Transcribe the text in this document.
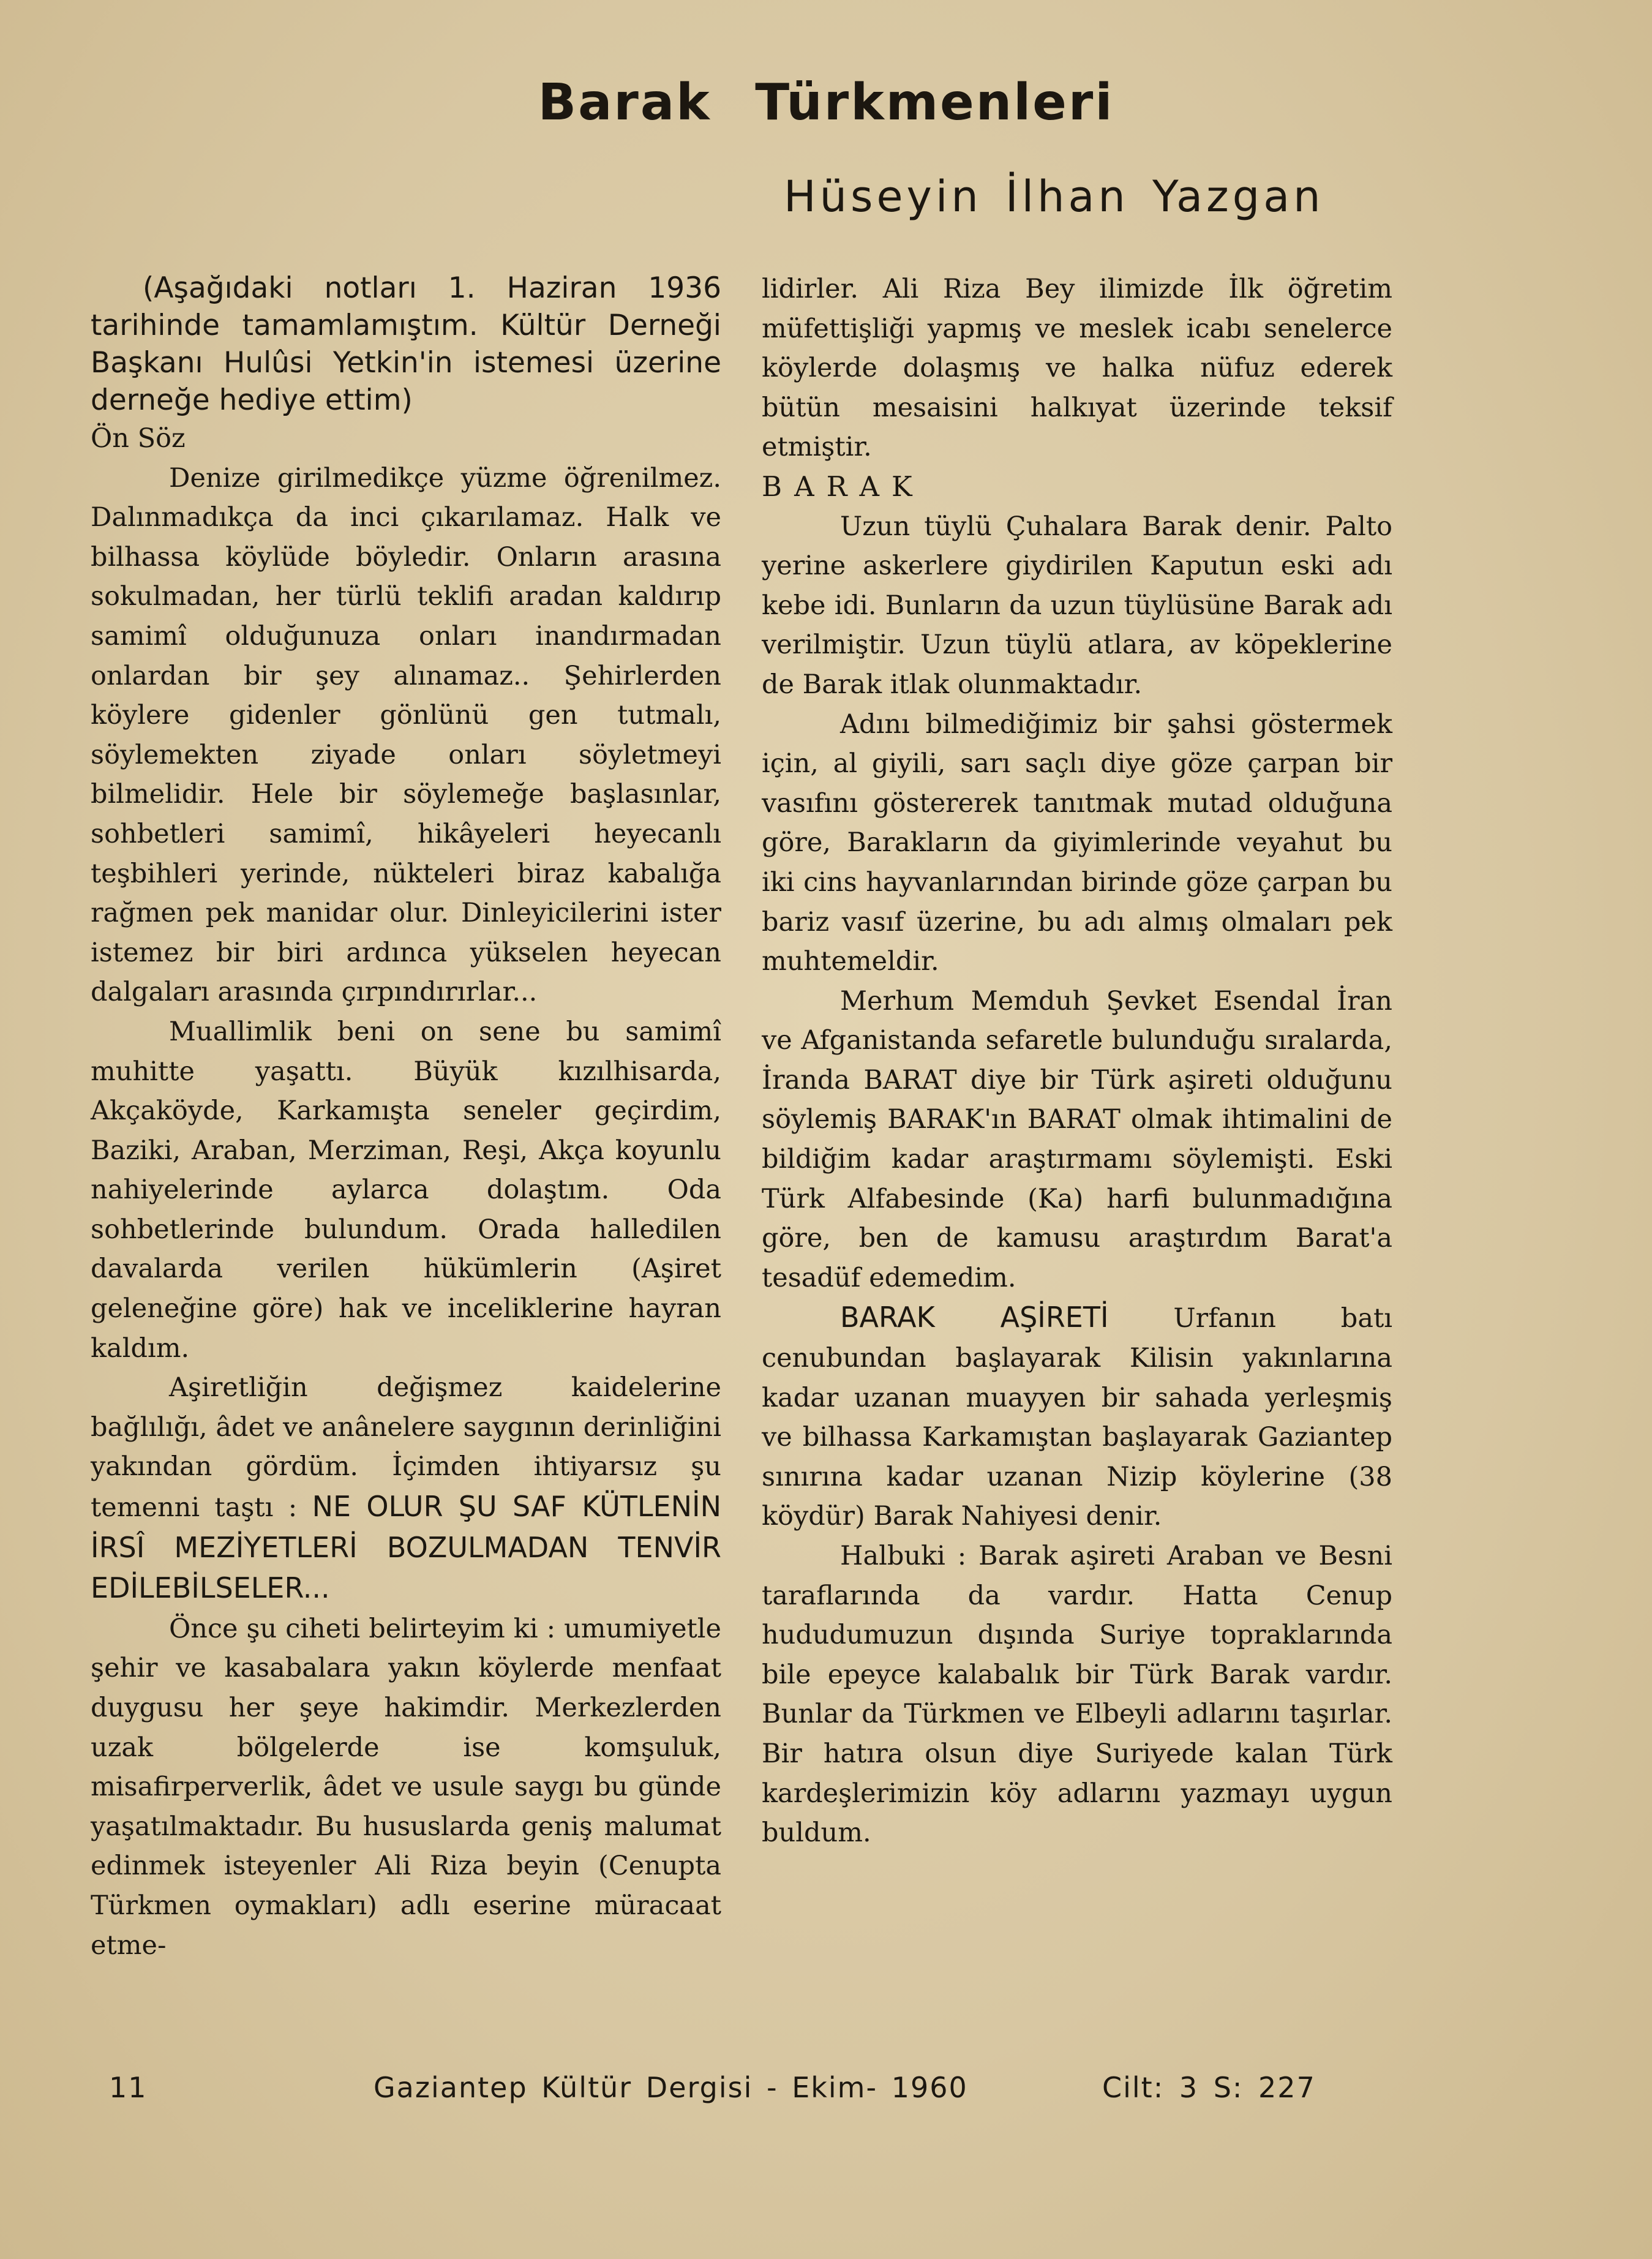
Barak Türkmenleri
Hüseyin İlhan Yazgan

(Aşağıdaki notları 1. Haziran 1936 tarihinde tamamlamıştım. Kültür Derneği Başkanı Hulûsi Yetkin'in istemesi üzerine derneğe hediye ettim)

Ön Söz

Denize girilmedikçe yüzme öğrenilmez. Dalınmadıkça da inci çıkarılamaz. Halk ve bilhassa köylüde böyledir. Onların arasına sokulmadan, her türlü teklifi aradan kaldırıp samimî olduğunuza onları inandırmadan onlardan bir şey alınamaz.. Şehirlerden köylere gidenler gönlünü gen tutmalı, söylemekten ziyade onları söyletmeyi bilmelidir. Hele bir söylemeğe başlasınlar, sohbetleri samimî, hikâyeleri heyecanlı teşbihleri yerinde, nükteleri biraz kabalığa rağmen pek manidar olur. Dinleyicilerini ister istemez bir biri ardınca yükselen heyecan dalgaları arasında çırpındırırlar...

Muallimlik beni on sene bu samimî muhitte yaşattı. Büyük kızılhisarda, Akçaköyde, Karkamışta seneler geçirdim, Baziki, Araban, Merziman, Reşi, Akça koyunlu nahiyelerinde aylarca dolaştım. Oda sohbetlerinde bulundum. Orada halledilen davalarda verilen hükümlerin (Aşiret geleneğine göre) hak ve inceliklerine hayran kaldım.

Aşiretliğin değişmez kaidelerine bağlılığı, âdet ve anânelere saygının derinliğini yakından gördüm. İçimden ihtiyarsız şu temenni taştı : NE OLUR ŞU SAF KÜTLENİN İRSÎ MEZİYETLERİ BOZULMADAN TENVİR EDİLEBİLSELER...

Önce şu ciheti belirteyim ki : umumiyetle şehir ve kasabalara yakın köylerde menfaat duygusu her şeye hakimdir. Merkezlerden uzak bölgelerde ise komşuluk, misafirperverlik, âdet ve usule saygı bu günde yaşatılmaktadır. Bu hususlarda geniş malumat edinmek isteyenler Ali Riza beyin (Cenupta Türkmen oymakları) adlı eserine müracaat etme-

lidirler. Ali Riza Bey ilimizde İlk öğretim müfettişliği yapmış ve meslek icabı senelerce köylerde dolaşmış ve halka nüfuz ederek bütün mesaisini halkıyat üzerinde teksif etmiştir.

BARAK

Uzun tüylü Çuhalara Barak denir. Palto yerine askerlere giydirilen Kaputun eski adı kebe idi. Bunların da uzun tüylüsüne Barak adı verilmiştir. Uzun tüylü atlara, av köpeklerine de Barak itlak olunmaktadır.

Adını bilmediğimiz bir şahsi göstermek için, al giyili, sarı saçlı diye göze çarpan bir vasıfını göstererek tanıtmak mutad olduğuna göre, Barakların da giyimlerinde veyahut bu iki cins hayvanlarından birinde göze çarpan bu bariz vasıf üzerine, bu adı almış olmaları pek muhtemeldir.

Merhum Memduh Şevket Esendal İran ve Afganistanda sefaretle bulunduğu sıralarda, İranda BARAT diye bir Türk aşireti olduğunu söylemiş BARAK'ın BARAT olmak ihtimalini de bildiğim kadar araştırmamı söylemişti. Eski Türk Alfabesinde (Ka) harfi bulunmadığına göre, ben de kamusu araştırdım Barat'a tesadüf edemedim.

BARAK AŞİRETİ Urfanın batı cenubundan başlayarak Kilisin yakınlarına kadar uzanan muayyen bir sahada yerleşmiş ve bilhassa Karkamıştan başlayarak Gaziantep sınırına kadar uzanan Nizip köylerine (38 köydür) Barak Nahiyesi denir.

Halbuki : Barak aşireti Araban ve Besni taraflarında da vardır. Hatta Cenup hududumuzun dışında Suriye topraklarında bile epeyce kalabalık bir Türk Barak vardır. Bunlar da Türkmen ve Elbeyli adlarını taşırlar. Bir hatıra olsun diye Suriyede kalan Türk kardeşlerimizin köy adlarını yazmayı uygun buldum.

11	Gaziantep Kültür Dergisi - Ekim- 1960	Cilt: 3 S: 227
